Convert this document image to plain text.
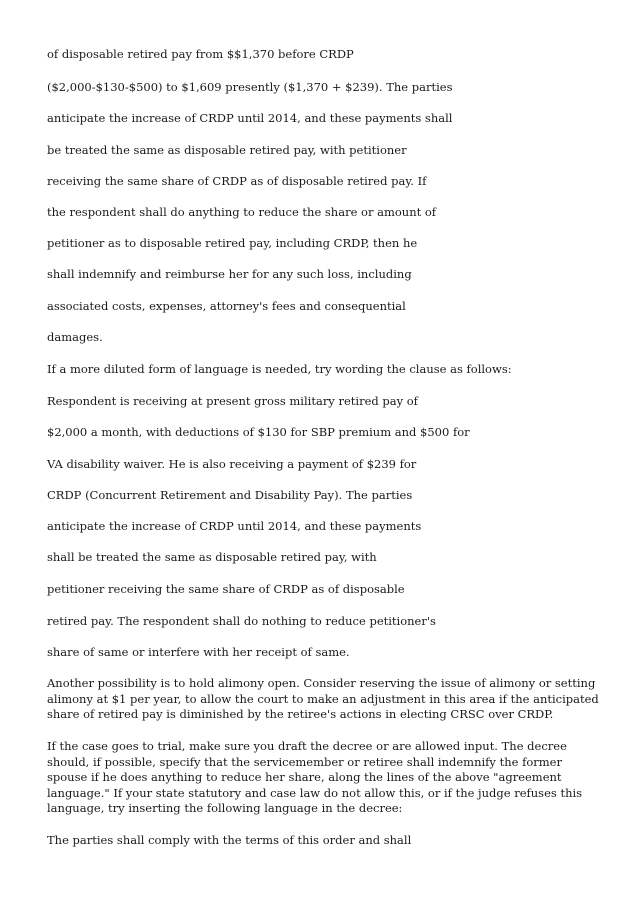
of disposable retired pay from $$1,370 before CRDP
($2,000-$130-$500) to $1,609 presently ($1,370 + $239). The parties
anticipate the increase of CRDP until 2014, and these payments shall
be treated the same as disposable retired pay, with petitioner
receiving the same share of CRDP as of disposable retired pay. If
the respondent shall do anything to reduce the share or amount of
petitioner as to disposable retired pay, including CRDP, then he
shall indemnify and reimburse her for any such loss, including
associated costs, expenses, attorney's fees and consequential
damages.
If a more diluted form of language is needed, try wording the clause as follows:
Respondent is receiving at present gross military retired pay of
$2,000 a month, with deductions of $130 for SBP premium and $500 for
VA disability waiver. He is also receiving a payment of $239 for
CRDP (Concurrent Retirement and Disability Pay). The parties
anticipate the increase of CRDP until 2014, and these payments
shall be treated the same as disposable retired pay, with
petitioner receiving the same share of CRDP as of disposable
retired pay. The respondent shall do nothing to reduce petitioner's
share of same or interfere with her receipt of same.
Another possibility is to hold alimony open. Consider reserving the issue of alimony or setting alimony at $1 per year, to allow the court to make an adjustment in this area if the anticipated share of retired pay is diminished by the retiree's actions in electing CRSC over CRDP.
If the case goes to trial, make sure you draft the decree or are allowed input. The decree should, if possible, specify that the servicemember or retiree shall indemnify the former spouse if he does anything to reduce her share, along the lines of the above "agreement language." If your state statutory and case law do not allow this, or if the judge refuses this language, try inserting the following language in the decree:
The parties shall comply with the terms of this order and shall
